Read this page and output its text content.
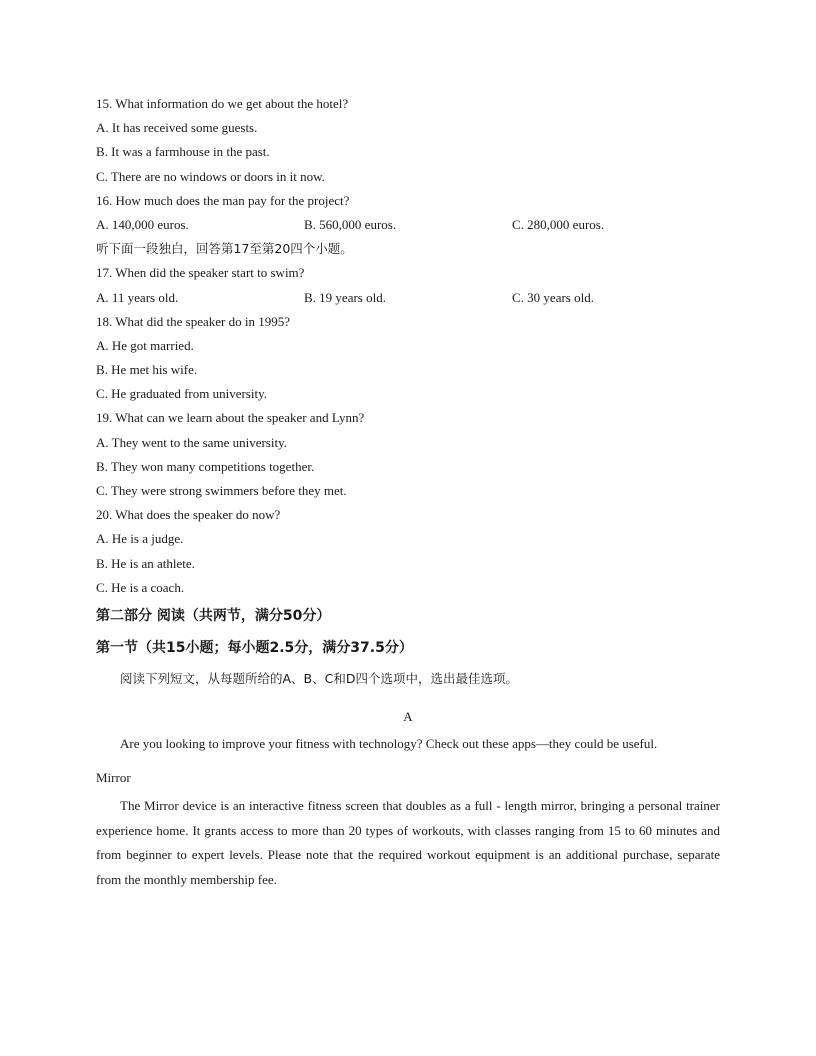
15. What information do we get about the hotel?
A. It has received some guests.
B. It was a farmhouse in the past.
C. There are no windows or doors in it now.
16. How much does the man pay for the project?
A. 140,000 euros.	B. 560,000 euros.	C. 280,000 euros.
听下面一段独白，回答第17至第20四个小题。
17. When did the speaker start to swim?
A. 11 years old.	B. 19 years old.	C. 30 years old.
18. What did the speaker do in 1995?
A. He got married.
B. He met his wife.
C. He graduated from university.
19. What can we learn about the speaker and Lynn?
A. They went to the same university.
B. They won many competitions together.
C. They were strong swimmers before they met.
20. What does the speaker do now?
A. He is a judge.
B. He is an athlete.
C. He is a coach.
第二部分 阅读（共两节，满分50分）
第一节（共15小题；每小题2.5分，满分37.5分）
阅读下列短文，从每题所给的A、B、C和D四个选项中，选出最佳选项。
A
Are you looking to improve your fitness with technology? Check out these apps—they could be useful.
Mirror
The Mirror device is an interactive fitness screen that doubles as a full - length mirror, bringing a personal trainer experience home. It grants access to more than 20 types of workouts, with classes ranging from 15 to 60 minutes and from beginner to expert levels. Please note that the required workout equipment is an additional purchase, separate from the monthly membership fee.
